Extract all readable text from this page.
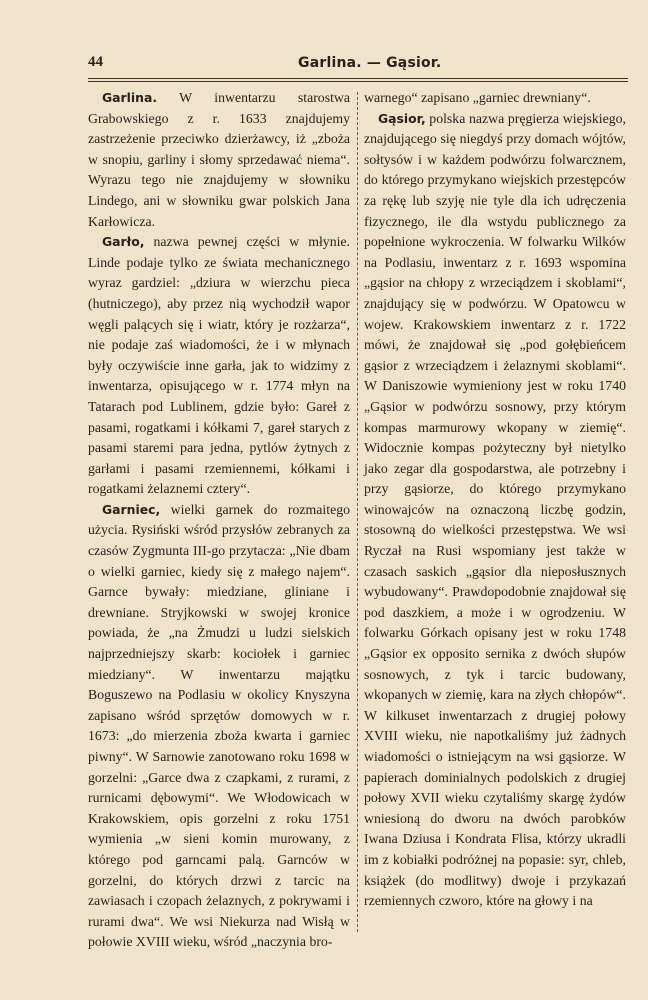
44	Garlina. — Gąsior.

Garlina. W inwentarzu starostwa Grabowskiego z r. 1633 znajdujemy zastrzeżenie przeciwko dzierżawcy, iż „zboża w snopiu, garliny i słomy sprzedawać niema“. Wyrazu tego nie znajdujemy w słowniku Lindego, ani w słowniku gwar polskich Jana Karłowicza.

Garło, nazwa pewnej części w młynie. Linde podaje tylko ze świata mechanicznego wyraz gardziel: „dziura w wierzchu pieca (hutniczego), aby przez nią wychodził wapor węgli palących się i wiatr, który je rozżarza“, nie podaje zaś wiadomości, że i w młynach były oczywiście inne garła, jak to widzimy z inwentarza, opisującego w r. 1774 młyn na Tatarach pod Lublinem, gdzie było: Gareł z pasami, rogatkami i kółkami 7, gareł starych z pasami staremi para jedna, pytlów żytnych z garłami i pasami rzemiennemi, kółkami i rogatkami żelaznemi cztery“.

Garniec, wielki garnek do rozmaitego użycia. Rysiński wśród przysłów zebranych za czasów Zygmunta III-go przytacza: „Nie dbam o wielki garniec, kiedy się z małego najem“. Garnce bywały: miedziane, gliniane i drewniane. Stryjkowski w swojej kronice powiada, że „na Żmudzi u ludzi sielskich najprzedniejszy skarb: kociołek i garniec miedziany“. W inwentarzu majątku Boguszewo na Podlasiu w okolicy Knyszyna zapisano wśród sprzętów domowych w r. 1673: „do mierzenia zboża kwarta i garniec piwny“. W Sarnowie zanotowano roku 1698 w gorzelni: „Garce dwa z czapkami, z rurami, z rurnicami dębowymi“. We Włodowicach w Krakowskiem, opis gorzelni z roku 1751 wymienia „w sieni komin murowany, z którego pod garncami palą. Garnców w gorzelni, do których drzwi z tarcic na zawiasach i czopach żelaznych, z pokrywami i rurami dwa“. We wsi Niekurza nad Wisłą w połowie XVIII wieku, wśród „naczynia bro-

warnego“ zapisano „garniec drewniany“.

Gąsior, polska nazwa pręgierza wiejskiego, znajdującego się niegdyś przy domach wójtów, sołtysów i w każdem podwórzu folwarcznem, do którego przymykano wiejskich przestępców za rękę lub szyję nie tyle dla ich udręczenia fizycznego, ile dla wstydu publicznego za popełnione wykroczenia. W folwarku Wilków na Podlasiu, inwentarz z r. 1693 wspomina „gąsior na chłopy z wrzeciądzem i skoblami“, znajdujący się w podwórzu. W Opatowcu w wojew. Krakowskiem inwentarz z r. 1722 mówi, że znajdował się „pod gołębieńcem gąsior z wrzeciądzem i żelaznymi skoblami“. W Daniszowie wymieniony jest w roku 1740 „Gąsior w podwórzu sosnowy, przy którym kompas marmurowy wkopany w ziemię“. Widocznie kompas pożyteczny był nietylko jako zegar dla gospodarstwa, ale potrzebny i przy gąsiorze, do którego przymykano winowajców na oznaczoną liczbę godzin, stosowną do wielkości przestępstwa. We wsi Ryczał na Rusi wspomiany jest także w czasach saskich „gąsior dla nieposłusznych wybudowany“. Prawdopodobnie znajdował się pod daszkiem, a może i w ogrodzeniu. W folwarku Górkach opisany jest w roku 1748 „Gąsior ex opposito sernika z dwóch słupów sosnowych, z tyk i tarcic budowany, wkopanych w ziemię, kara na złych chłopów“. W kilkuset inwentarzach z drugiej połowy XVIII wieku, nie napotkaliśmy już żadnych wiadomości o istniejącym na wsi gąsiorze. W papierach dominialnych podolskich z drugiej połowy XVII wieku czytaliśmy skargę żydów wniesioną do dworu na dwóch parobków Iwana Dziusa i Kondrata Flisa, którzy ukradli im z kobiałki podróżnej na popasie: syr, chleb, książek (do modlitwy) dwoje i przykazań rzemiennych czworo, które na głowy i na
